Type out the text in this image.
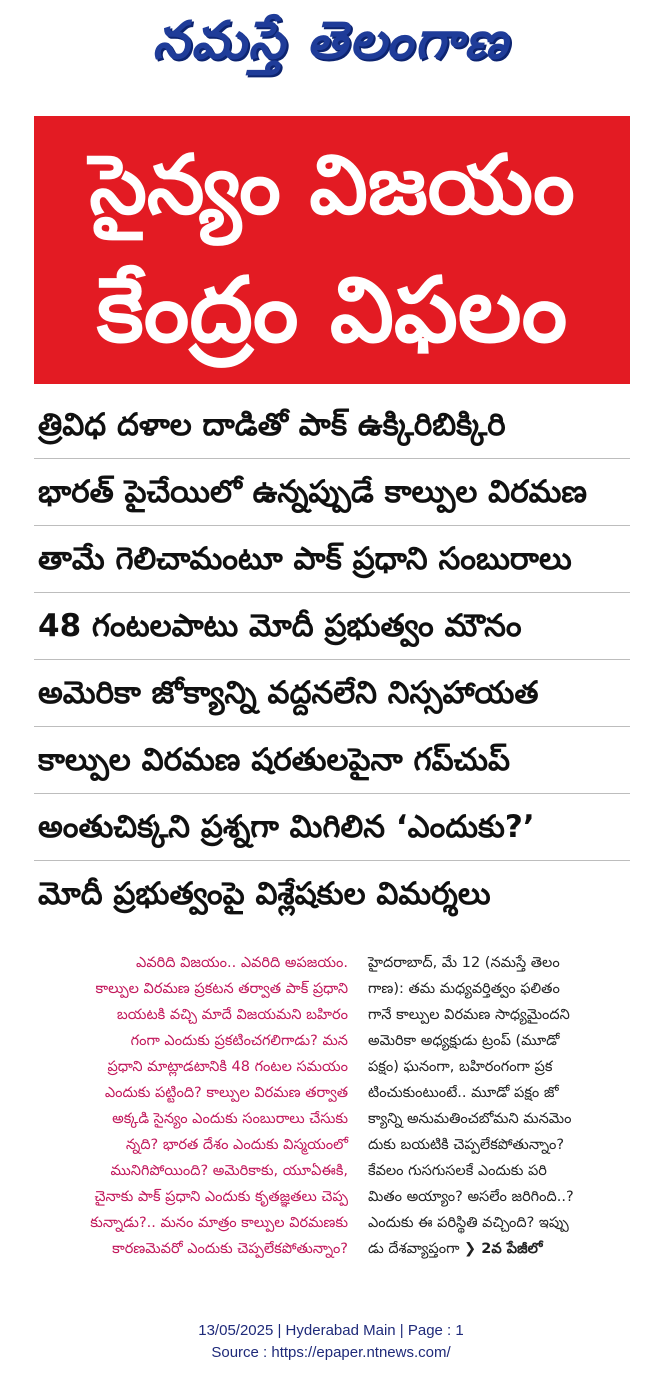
నమస్తే తెలంగాణ
సైన్యం విజయం
కేంద్రం విఫలం
త్రివిధ దళాల దాడితో పాక్ ఉక్కిరిబిక్కిరి
భారత్ పైచేయిలో ఉన్నప్పుడే కాల్పుల విరమణ
తామే గెలిచామంటూ పాక్ ప్రధాని సంబురాలు
48 గంటలపాటు మోదీ ప్రభుత్వం మౌనం
అమెరికా జోక్యాన్ని వద్దనలేని నిస్సహాయత
కాల్పుల విరమణ షరతులపైనా గప్‌చుప్
అంతుచిక్కని ప్రశ్నగా మిగిలిన ‘ఎందుకు?’
మోదీ ప్రభుత్వంపై విశ్లేషకుల విమర్శలు
ఎవరిది విజయం.. ఎవరిది అపజయం.
కాల్పుల విరమణ ప్రకటన తర్వాత పాక్ ప్రధాని
బయటకి వచ్చి మాదే విజయమని బహిరం
గంగా ఎందుకు ప్రకటించగలిగాడు? మన
ప్రధాని మాట్లాడటానికి 48 గంటల సమయం
ఎందుకు పట్టింది? కాల్పుల విరమణ తర్వాత
అక్కడి సైన్యం ఎందుకు సంబురాలు చేసుకు
న్నది? భారత దేశం ఎందుకు విస్మయంలో
మునిగిపోయింది? అమెరికాకు, యూఏఈకి,
చైనాకు పాక్ ప్రధాని ఎందుకు కృతజ్ఞతలు చెప్ప
కున్నాడు?.. మనం మాత్రం కాల్పుల విరమణకు
కారణమెవరో ఎందుకు చెప్పలేకపోతున్నాం?
హైదరాబాద్, మే 12 (నమస్తే తెలం
గాణ): తమ మధ్యవర్తిత్వం ఫలితం
గానే కాల్పుల విరమణ సాధ్యమైందని
అమెరికా అధ్యక్షుడు ట్రంప్ (మూడో
పక్షం) ఘనంగా, బహిరంగంగా ప్రక
టించుకుంటుంటే.. మూడో పక్షం జో
క్యాన్ని అనుమతించబోమని మనమెం
దుకు బయటికి చెప్పలేకపోతున్నాం?
కేవలం గుసగుసలకే ఎందుకు పరి
మితం అయ్యాం? అసలేం జరిగింది..?
ఎందుకు ఈ పరిస్థితి వచ్చింది? ఇప్పు
డు దేశవ్యాప్తంగా ❯ 2వ పేజీలో
13/05/2025 | Hyderabad Main | Page : 1
Source : https://epaper.ntnews.com/
